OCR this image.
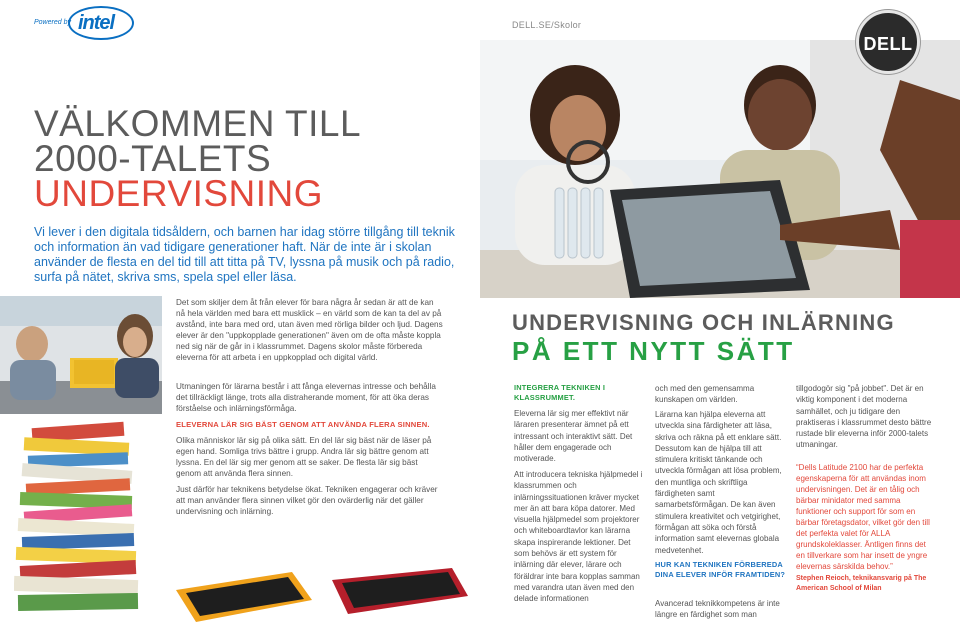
Powered by intel	DELL.SE/Skolor
DELL
VÄLKOMMEN TILL
2000-TALETS
UNDERVISNING

Vi lever i den digitala tidsåldern, och barnen har idag större tillgång till teknik och information än vad tidigare generationer haft. När de inte är i skolan använder de flesta en del tid till att titta på TV, lyssna på musik och på radio, surfa på nätet, skriva sms, spela spel eller läsa.

Det som skiljer dem åt från elever för bara några år sedan är att de kan nå hela världen med bara ett musklick – en värld som de kan ta del av på avstånd, inte bara med ord, utan även med rörliga bilder och ljud. Dagens elever är den "uppkopplade generationen" även om de ofta måste koppla ned sig när de går in i klassrummet. Dagens skolor måste förbereda eleverna för att arbeta i en uppkopplad och digital värld.

Utmaningen för lärarna består i att fånga elevernas intresse och behålla det tillräckligt länge, trots alla distraherande moment, för att öka deras förståelse och inlärningsförmåga.

ELEVERNA LÄR SIG BÄST GENOM ATT ANVÄNDA FLERA SINNEN.

Olika människor lär sig på olika sätt. En del lär sig bäst när de läser på egen hand. Somliga trivs bättre i grupp. Andra lär sig bättre genom att lyssna. En del lär sig mer genom att se saker. De flesta lär sig bäst genom att använda flera sinnen.

Just därför har teknikens betydelse ökat. Tekniken engagerar och kräver att man använder flera sinnen vilket gör den ovärderlig när det gäller undervisning och inlärning.

UNDERVISNING OCH INLÄRNING
PÅ ETT NYTT SÄTT
INTEGRERA TEKNIKEN I KLASSRUMMET.

Eleverna lär sig mer effektivt när läraren presenterar ämnet på ett intressant och interaktivt sätt. Det håller dem engagerade och motiverade.

Att introducera tekniska hjälpmedel i klassrummen och inlärningssituationen kräver mycket mer än att bara köpa datorer. Med visuella hjälpmedel som projektorer och whiteboardtavlor kan lärarna skapa inspirerande lektioner. Det som behövs är ett system för inlärning där elever, lärare och föräldrar inte bara kopplas samman med varandra utan även med den delade informationen

och med den gemensamma kunskapen om världen.

Lärarna kan hjälpa eleverna att utveckla sina färdigheter att läsa, skriva och räkna på ett enklare sätt. Dessutom kan de hjälpa till att stimulera kritiskt tänkande och utveckla förmågan att lösa problem, den muntliga och skriftliga färdigheten samt samarbetsförmågan. De kan även stimulera kreativitet och vetgirighet, förmågan att söka och förstå information samt elevernas globala medvetenhet.

HUR KAN TEKNIKEN FÖRBEREDA DINA ELEVER INFÖR FRAMTIDEN?

Avancerad teknikkompetens är inte längre en färdighet som man

tillgodogör sig "på jobbet". Det är en viktig komponent i det moderna samhället, och ju tidigare den praktiseras i klassrummet desto bättre rustade blir eleverna inför 2000-talets utmaningar.

“Dells Latitude 2100 har de perfekta egenskaperna för att användas inom undervisningen. Det är en tålig och bärbar minidator med samma funktioner och support för som en bärbar företagsdator, vilket gör den till det perfekta valet för ALLA grundskoleklasser. Äntligen finns det en tillverkare som har insett de yngre elevernas särskilda behov.”

Stephen Reioch, teknikansvarig på The American School of Milan
